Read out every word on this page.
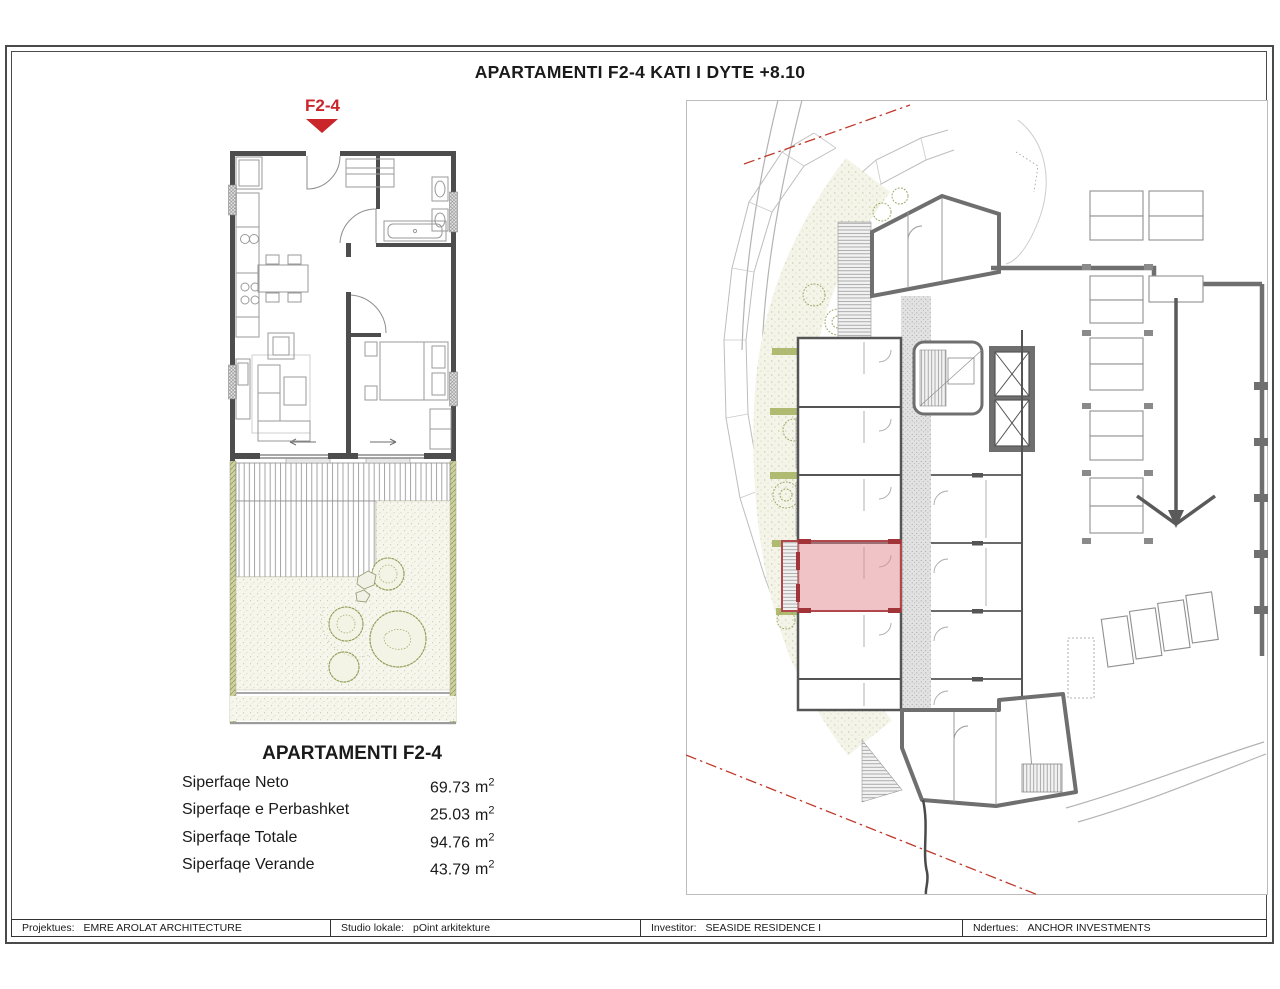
APARTAMENTI F2-4 KATI I DYTE +8.10
F2-4
APARTAMENTI F2-4
Siperfaqe Neto	69.73 $m^2$
Siperfaqe e Perbashket	25.03 $m^2$
Siperfaqe Totale	94.76 $m^2$
Siperfaqe Verande	43.79 $m^2$
Projektues: EMRE AROLAT ARCHITECTURE	Studio lokale: pOint arkitekture	Investitor: SEASIDE RESIDENCE I	Ndertues: ANCHOR INVESTMENTS
